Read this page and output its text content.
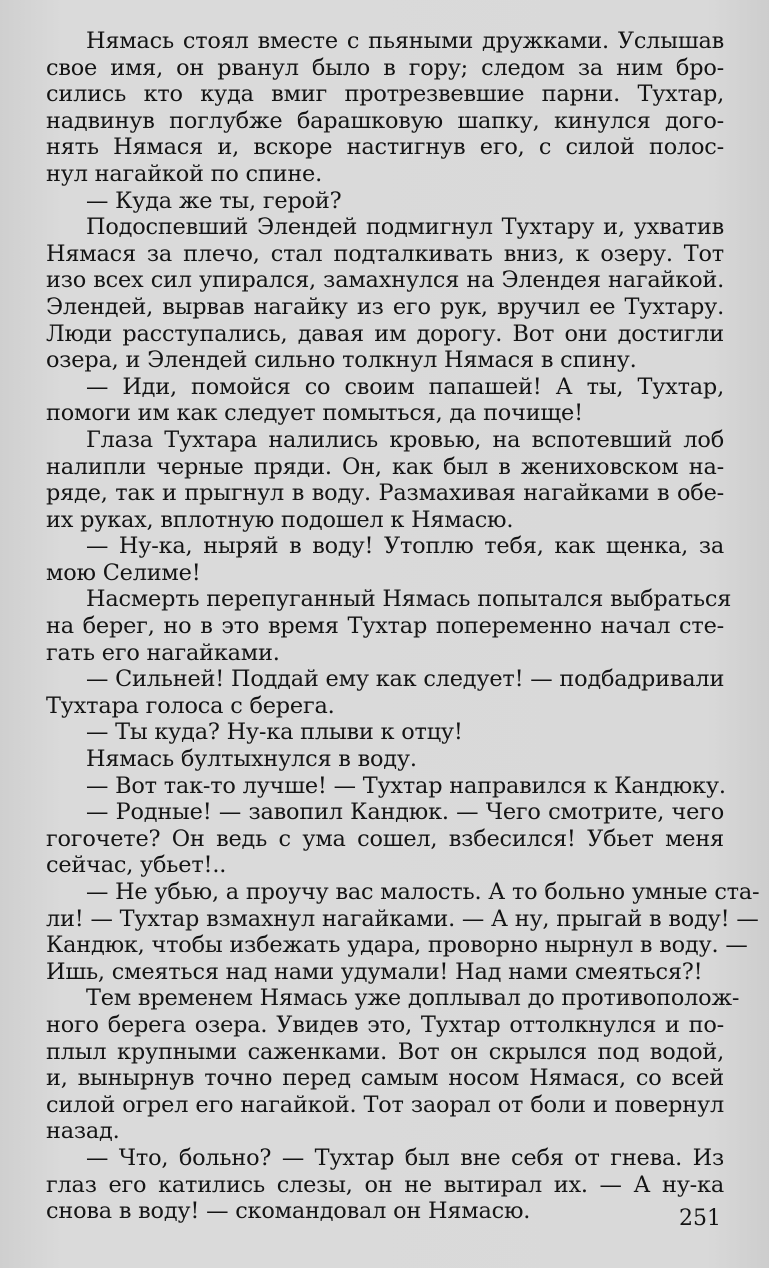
Нямась стоял вместе с пьяными дружками. Услышав
свое имя, он рванул было в гору; следом за ним бро-
сились кто куда вмиг протрезвевшие парни. Тухтар,
надвинув поглубже барашковую шапку, кинулся дого-
нять Нямася и, вскоре настигнув его, с силой полос-
нул нагайкой по спине.
— Куда же ты, герой?
Подоспевший Элендей подмигнул Тухтару и, ухватив
Нямася за плечо, стал подталкивать вниз, к озеру. Тот
изо всех сил упирался, замахнулся на Элендея нагайкой.
Элендей, вырвав нагайку из его рук, вручил ее Тухтару.
Люди расступались, давая им дорогу. Вот они достигли
озера, и Элендей сильно толкнул Нямася в спину.
— Иди, помойся со своим папашей! А ты, Тухтар,
помоги им как следует помыться, да почище!
Глаза Тухтара налились кровью, на вспотевший лоб
налипли черные пряди. Он, как был в жениховском на-
ряде, так и прыгнул в воду. Размахивая нагайками в обе-
их руках, вплотную подошел к Нямасю.
— Ну-ка, ныряй в воду! Утоплю тебя, как щенка, за
мою Селиме!
Насмерть перепуганный Нямась попытался выбраться
на берег, но в это время Тухтар попеременно начал сте-
гать его нагайками.
— Сильней! Поддай ему как следует! — подбадривали
Тухтара голоса с берега.
— Ты куда? Ну-ка плыви к отцу!
Нямась бултыхнулся в воду.
— Вот так-то лучше! — Тухтар направился к Кандюку.
— Родные! — завопил Кандюк. — Чего смотрите, чего
гогочете? Он ведь с ума сошел, взбесился! Убьет меня
сейчас, убьет!..
— Не убью, а проучу вас малость. А то больно умные ста-
ли! — Тухтар взмахнул нагайками. — А ну, прыгай в воду! —
Кандюк, чтобы избежать удара, проворно нырнул в воду. —
Ишь, смеяться над нами удумали! Над нами смеяться?!
Тем временем Нямась уже доплывал до противополож-
ного берега озера. Увидев это, Тухтар оттолкнулся и по-
плыл крупными саженками. Вот он скрылся под водой,
и, вынырнув точно перед самым носом Нямася, со всей
силой огрел его нагайкой. Тот заорал от боли и повернул
назад.
— Что, больно? — Тухтар был вне себя от гнева. Из
глаз его катились слезы, он не вытирал их. — А ну-ка
снова в воду! — скомандовал он Нямасю.	251
